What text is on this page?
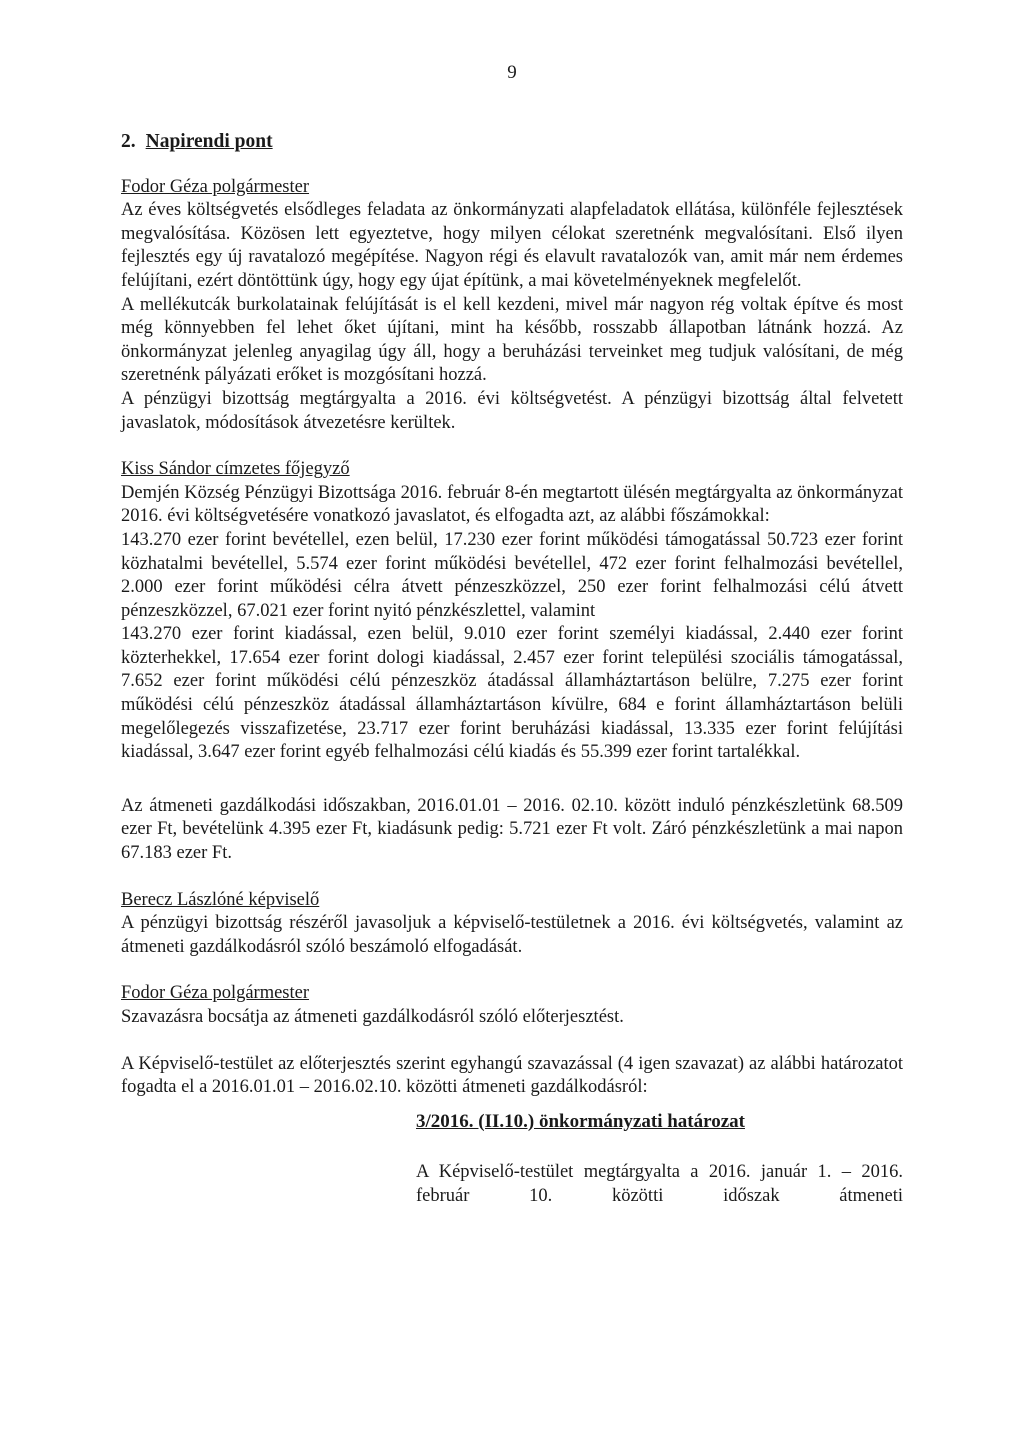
9
2. Napirendi pont

Fodor Géza polgármester

Az éves költségvetés elsődleges feladata az önkormányzati alapfeladatok ellátása, különféle fejlesztések megvalósítása. Közösen lett egyeztetve, hogy milyen célokat szeretnénk megvalósítani. Első ilyen fejlesztés egy új ravatalozó megépítése. Nagyon régi és elavult ravatalozók van, amit már nem érdemes felújítani, ezért döntöttünk úgy, hogy egy újat építünk, a mai követelményeknek megfelelőt.

A mellékutcák burkolatainak felújítását is el kell kezdeni, mivel már nagyon rég voltak építve és most még könnyebben fel lehet őket újítani, mint ha később, rosszabb állapotban látnánk hozzá. Az önkormányzat jelenleg anyagilag úgy áll, hogy a beruházási terveinket meg tudjuk valósítani, de még szeretnénk pályázati erőket is mozgósítani hozzá.

A pénzügyi bizottság megtárgyalta a 2016. évi költségvetést. A pénzügyi bizottság által felvetett javaslatok, módosítások átvezetésre kerültek.

Kiss Sándor címzetes főjegyző

Demjén Község Pénzügyi Bizottsága 2016. február 8-én megtartott ülésén megtárgyalta az önkormányzat 2016. évi költségvetésére vonatkozó javaslatot, és elfogadta azt, az alábbi főszámokkal:

143.270 ezer forint bevétellel, ezen belül, 17.230 ezer forint működési támogatással 50.723 ezer forint közhatalmi bevétellel, 5.574 ezer forint működési bevétellel, 472 ezer forint felhalmozási bevétellel, 2.000 ezer forint működési célra átvett pénzeszközzel, 250 ezer forint felhalmozási célú átvett pénzeszközzel, 67.021 ezer forint nyitó pénzkészlettel, valamint

143.270 ezer forint kiadással, ezen belül, 9.010 ezer forint személyi kiadással, 2.440 ezer forint közterhekkel, 17.654 ezer forint dologi kiadással, 2.457 ezer forint települési szociális támogatással, 7.652 ezer forint működési célú pénzeszköz átadással államháztartáson belülre, 7.275 ezer forint működési célú pénzeszköz átadással államháztartáson kívülre, 684 e forint államháztartáson belüli megelőlegezés visszafizetése, 23.717 ezer forint beruházási kiadással, 13.335 ezer forint felújítási kiadással, 3.647 ezer forint egyéb felhalmozási célú kiadás és 55.399 ezer forint tartalékkal.

Az átmeneti gazdálkodási időszakban, 2016.01.01 – 2016. 02.10. között induló pénzkészletünk 68.509 ezer Ft, bevételünk 4.395 ezer Ft, kiadásunk pedig: 5.721 ezer Ft volt. Záró pénzkészletünk a mai napon 67.183 ezer Ft.

Berecz Lászlóné képviselő

A pénzügyi bizottság részéről javasoljuk a képviselő-testületnek a 2016. évi költségvetés, valamint az átmeneti gazdálkodásról szóló beszámoló elfogadását.

Fodor Géza polgármester

Szavazásra bocsátja az átmeneti gazdálkodásról szóló előterjesztést.

A Képviselő-testület az előterjesztés szerint egyhangú szavazással (4 igen szavazat) az alábbi határozatot fogadta el a 2016.01.01 – 2016.02.10. közötti átmeneti gazdálkodásról:

3/2016. (II.10.) önkormányzati határozat

A Képviselő-testület megtárgyalta a 2016. január 1. – 2016. február 10. közötti időszak átmeneti
